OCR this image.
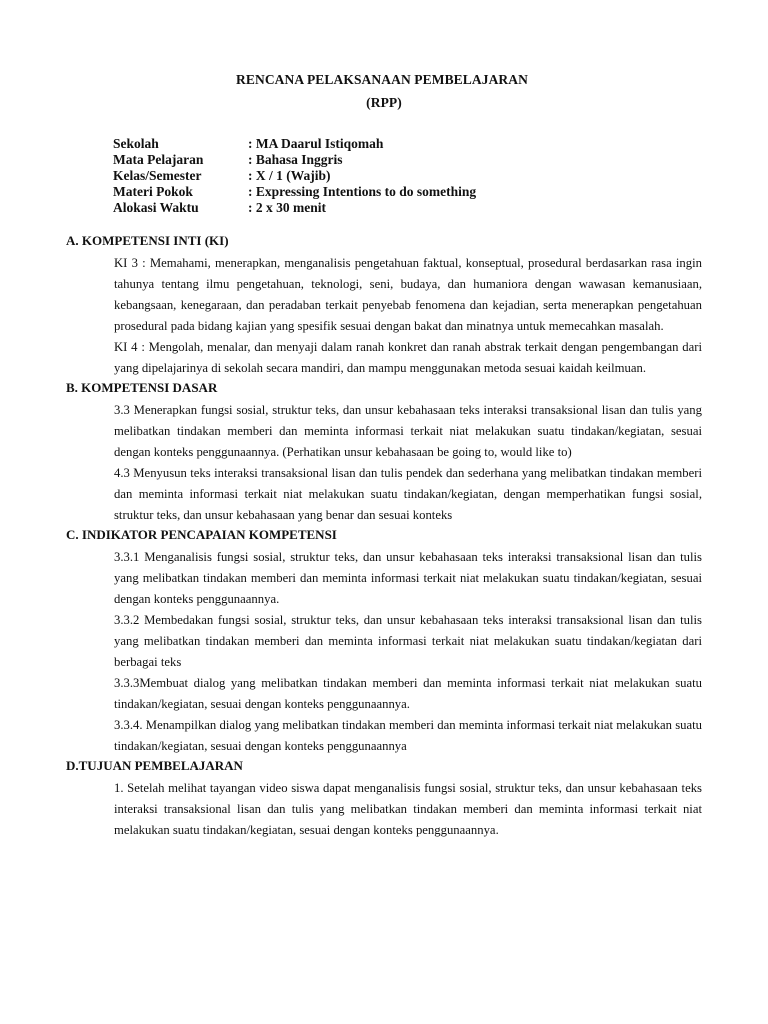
RENCANA PELAKSANAAN PEMBELAJARAN
(RPP)
Sekolah	: MA Daarul Istiqomah
Mata Pelajaran	: Bahasa Inggris
Kelas/Semester	: X / 1 (Wajib)
Materi Pokok	: Expressing Intentions to do something
Alokasi Waktu	: 2 x 30 menit
A. KOMPETENSI INTI (KI)
KI 3 : Memahami, menerapkan, menganalisis pengetahuan faktual, konseptual, prosedural berdasarkan rasa ingin tahunya tentang ilmu pengetahuan, teknologi, seni, budaya, dan humaniora dengan wawasan kemanusiaan, kebangsaan, kenegaraan, dan peradaban terkait penyebab fenomena dan kejadian, serta menerapkan pengetahuan prosedural pada bidang kajian yang spesifik sesuai dengan bakat dan minatnya untuk memecahkan masalah.
KI 4 : Mengolah, menalar, dan menyaji dalam ranah konkret dan ranah abstrak terkait dengan pengembangan dari yang dipelajarinya di sekolah secara mandiri, dan mampu menggunakan metoda sesuai kaidah keilmuan.
B. KOMPETENSI DASAR
3.3 Menerapkan fungsi sosial, struktur teks, dan unsur kebahasaan teks interaksi transaksional lisan dan tulis yang melibatkan tindakan memberi dan meminta informasi terkait niat melakukan suatu tindakan/kegiatan, sesuai dengan konteks penggunaannya. (Perhatikan unsur kebahasaan be going to, would like to)
4.3 Menyusun teks interaksi transaksional lisan dan tulis pendek dan sederhana yang melibatkan tindakan memberi dan meminta informasi terkait niat melakukan suatu tindakan/kegiatan, dengan memperhatikan fungsi sosial, struktur teks, dan unsur kebahasaan yang benar dan sesuai konteks
C. INDIKATOR PENCAPAIAN KOMPETENSI
3.3.1 Menganalisis fungsi sosial, struktur teks, dan unsur kebahasaan teks interaksi transaksional lisan dan tulis yang melibatkan tindakan memberi dan meminta informasi terkait niat melakukan suatu tindakan/kegiatan, sesuai dengan konteks penggunaannya.
3.3.2 Membedakan fungsi sosial, struktur teks, dan unsur kebahasaan teks interaksi transaksional lisan dan tulis yang melibatkan tindakan memberi dan meminta informasi terkait niat melakukan suatu tindakan/kegiatan dari berbagai teks
3.3.3Membuat dialog yang melibatkan tindakan memberi dan meminta informasi terkait niat melakukan suatu tindakan/kegiatan, sesuai dengan konteks penggunaannya.
3.3.4. Menampilkan dialog yang melibatkan tindakan memberi dan meminta informasi terkait niat melakukan suatu tindakan/kegiatan, sesuai dengan konteks penggunaannya
D.TUJUAN PEMBELAJARAN
1. Setelah melihat tayangan video siswa dapat menganalisis fungsi sosial, struktur teks, dan unsur kebahasaan teks interaksi transaksional lisan dan tulis yang melibatkan tindakan memberi dan meminta informasi terkait niat melakukan suatu tindakan/kegiatan, sesuai dengan konteks penggunaannya.
